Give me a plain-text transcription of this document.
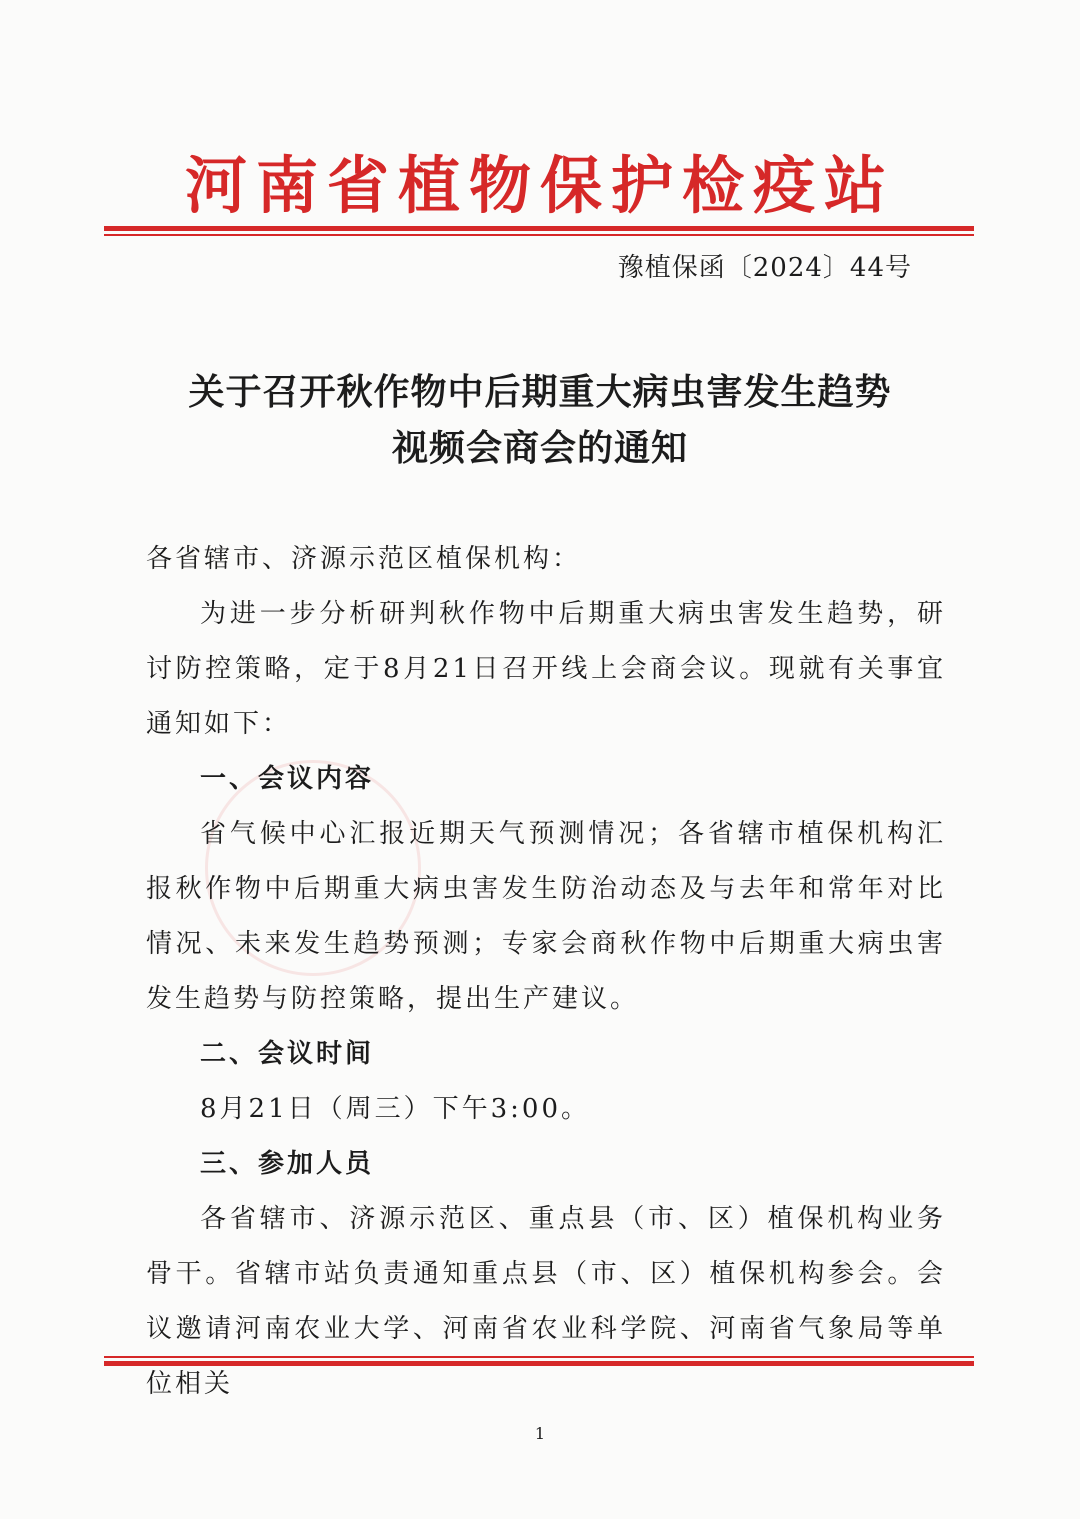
河南省植物保护检疫站
豫植保函〔2024〕44号
关于召开秋作物中后期重大病虫害发生趋势
视频会商会的通知

各省辖市、济源示范区植保机构：

为进一步分析研判秋作物中后期重大病虫害发生趋势，研讨防控策略，定于8月21日召开线上会商会议。现就有关事宜通知如下：

一、会议内容

省气候中心汇报近期天气预测情况；各省辖市植保机构汇报秋作物中后期重大病虫害发生防治动态及与去年和常年对比情况、未来发生趋势预测；专家会商秋作物中后期重大病虫害发生趋势与防控策略，提出生产建议。

二、会议时间

8月21日（周三）下午3:00。

三、参加人员

各省辖市、济源示范区、重点县（市、区）植保机构业务骨干。省辖市站负责通知重点县（市、区）植保机构参会。会议邀请河南农业大学、河南省农业科学院、河南省气象局等单位相关

1
